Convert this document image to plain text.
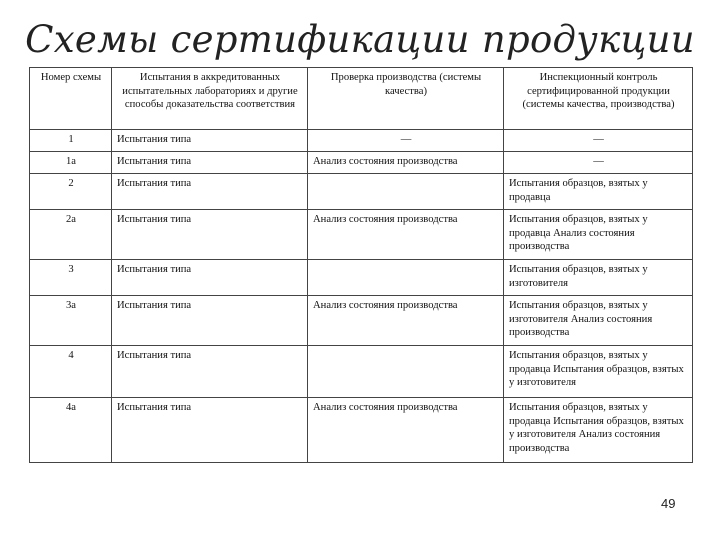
Схемы сертификации продукции
Номер схемы	Испытания в аккредитованных испытательных лабораториях и другие способы доказательства соответствия	Проверка производства (системы качества)	Инспекционный контроль сертифицированной продукции (системы качества, производства)
1	Испытания типа	—	—
1а	Испытания типа	Анализ состояния производства	—
2	Испытания типа		Испытания образцов, взятых у продавца
2а	Испытания типа	Анализ состояния производства	Испытания образцов, взятых у продавца Анализ состояния производства
3	Испытания типа		Испытания образцов, взятых у изготовителя
3а	Испытания типа	Анализ состояния производства	Испытания образцов, взятых у изготовителя Анализ состояния производства
4	Испытания типа		Испытания образцов, взятых у продавца Испытания образцов, взятых у изготовителя
4а	Испытания типа	Анализ состояния производства	Испытания образцов, взятых у продавца Испытания образцов, взятых у изготовителя Анализ состояния производства
49
